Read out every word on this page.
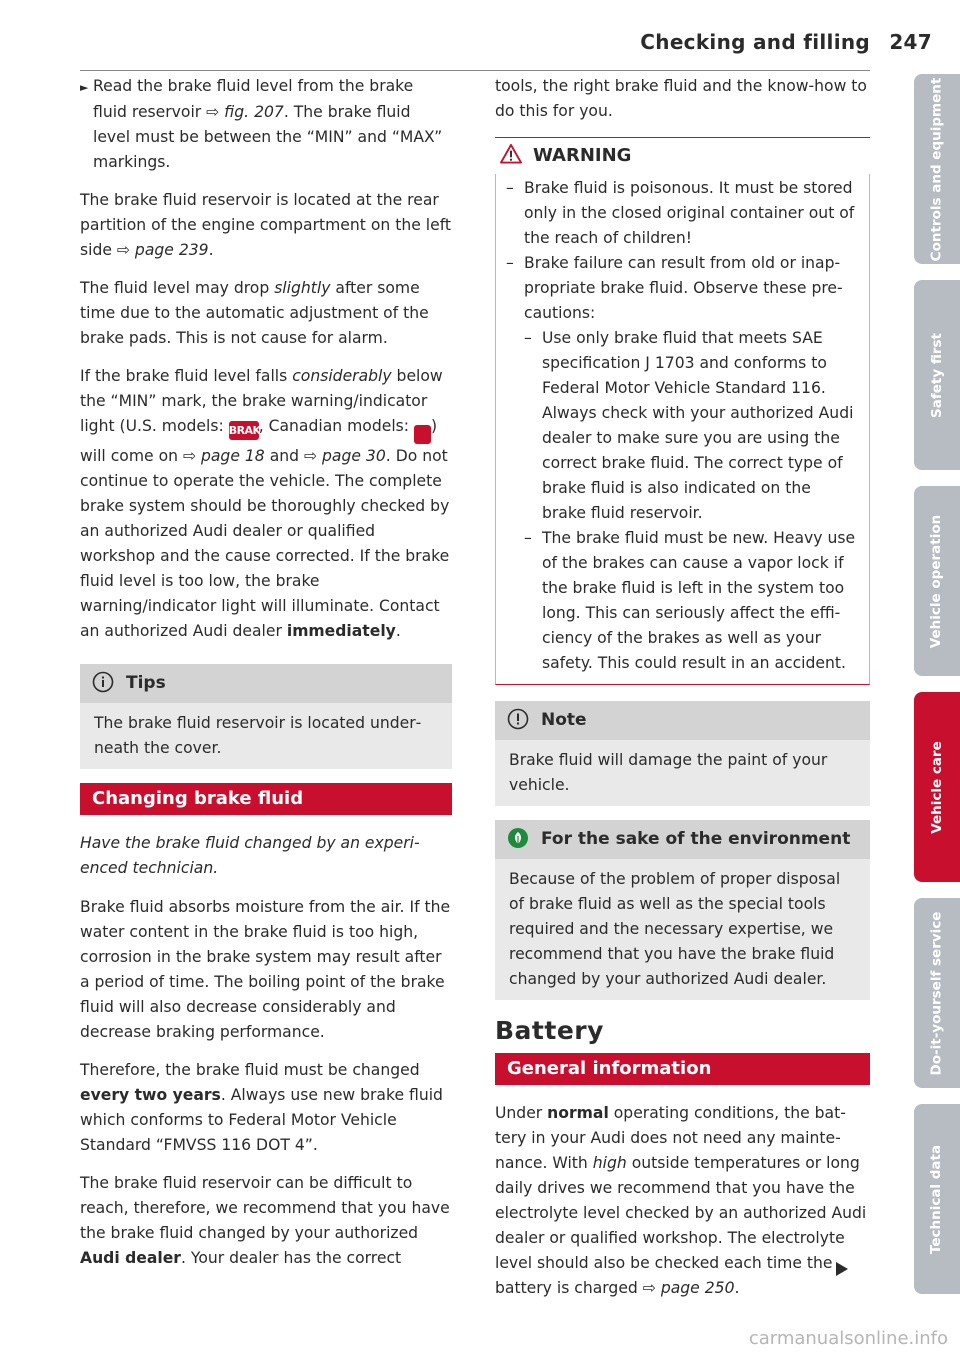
Checking and filling 247

► Read the brake fluid level from the brake fluid reservoir ⇨ fig. 207. The brake fluid level must be between the “MIN” and “MAX” markings.

The brake fluid reservoir is located at the rear partition of the engine compartment on the left side ⇨ page 239.

The fluid level may drop slightly after some time due to the automatic adjustment of the brake pads. This is not cause for alarm.

If the brake fluid level falls considerably below the “MIN” mark, the brake warning/indicator light (U.S. models: BRAKE, Canadian models: ) will come on ⇨ page 18 and ⇨ page 30. Do not continue to operate the vehicle. The complete brake system should be thoroughly checked by an authorized Audi dealer or qualified workshop and the cause corrected. If the brake fluid level is too low, the brake warning/indicator light will illuminate. Contact an authorized Audi dealer immediately.

Tips
The brake fluid reservoir is located underneath the cover.
Changing brake fluid

Have the brake fluid changed by an experienced technician.

Brake fluid absorbs moisture from the air. If the water content in the brake fluid is too high, corrosion in the brake system may result after a period of time. The boiling point of the brake fluid will also decrease considerably and decrease braking performance.

Therefore, the brake fluid must be changed every two years. Always use new brake fluid which conforms to Federal Motor Vehicle Standard “FMVSS 116 DOT 4”.

The brake fluid reservoir can be difficult to reach, therefore, we recommend that you have the brake fluid changed by your authorized Audi dealer. Your dealer has the correct

tools, the right brake fluid and the know-how to do this for you.

WARNING
– Brake fluid is poisonous. It must be stored only in the closed original container out of the reach of children!
– Brake failure can result from old or inappropriate brake fluid. Observe these precautions:
– Use only brake fluid that meets SAE specification J 1703 and conforms to Federal Motor Vehicle Standard 116. Always check with your authorized Audi dealer to make sure you are using the correct brake fluid. The correct type of brake fluid is also indicated on the brake fluid reservoir.
– The brake fluid must be new. Heavy use of the brakes can cause a vapor lock if the brake fluid is left in the system too long. This can seriously affect the efficiency of the brakes as well as your safety. This could result in an accident.
Note
Brake fluid will damage the paint of your vehicle.
For the sake of the environment
Because of the problem of proper disposal of brake fluid as well as the special tools required and the necessary expertise, we recommend that you have the brake fluid changed by your authorized Audi dealer.
Battery
General information

Under normal operating conditions, the battery in your Audi does not need any maintenance. With high outside temperatures or long daily drives we recommend that you have the electrolyte level checked by an authorized Audi dealer or qualified workshop. The electrolyte level should also be checked each time the battery is charged ⇨ page 250.

Controls and equipment
Safety first
Vehicle operation
Vehicle care
Do-it-yourself service
Technical data
carmanualsonline.info
